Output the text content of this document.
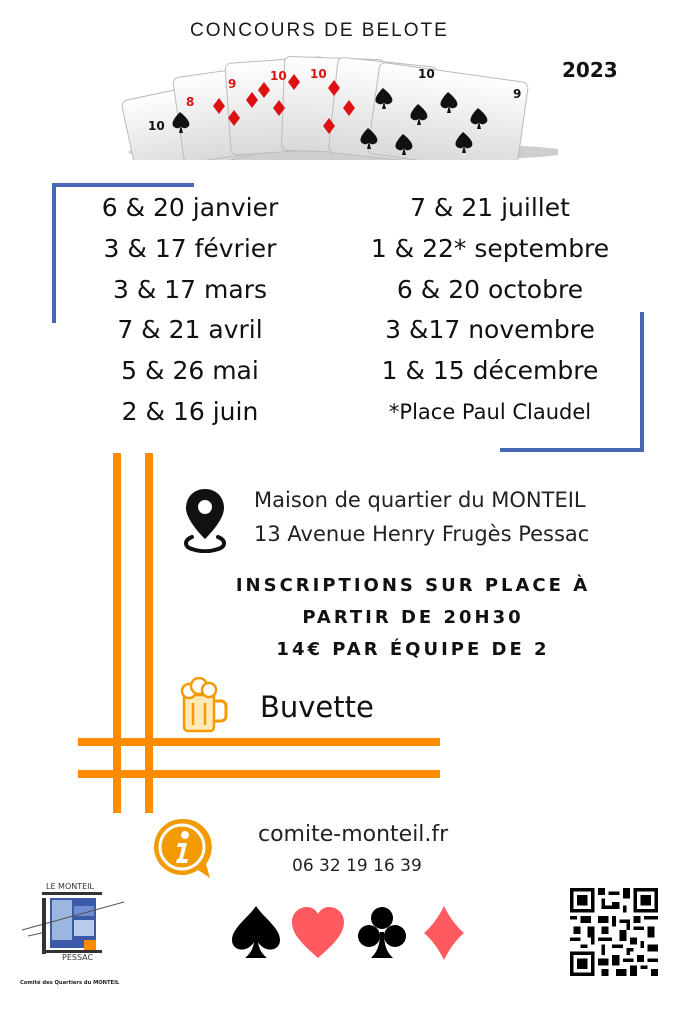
CONCOURS DE BELOTE
2023
10
8
9
10 10	10
9
6 & 20 janvier
3 & 17 février
3 & 17 mars
7 & 21 avril
5 & 26 mai
2 & 16 juin
7 & 21 juillet
1 & 22* septembre
6 & 20 octobre
3 &17 novembre
1 & 15 décembre
*Place Paul Claudel
Maison de quartier du MONTEIL
13 Avenue Henry Frugès Pessac
INSCRIPTIONS SUR PLACE À
PARTIR DE 20H30
14€ PAR ÉQUIPE DE 2
Buvette
comite-monteil.fr
06 32 19 16 39
LE MONTEIL
PESSAC
Comité des Quartiers du MONTEIL
